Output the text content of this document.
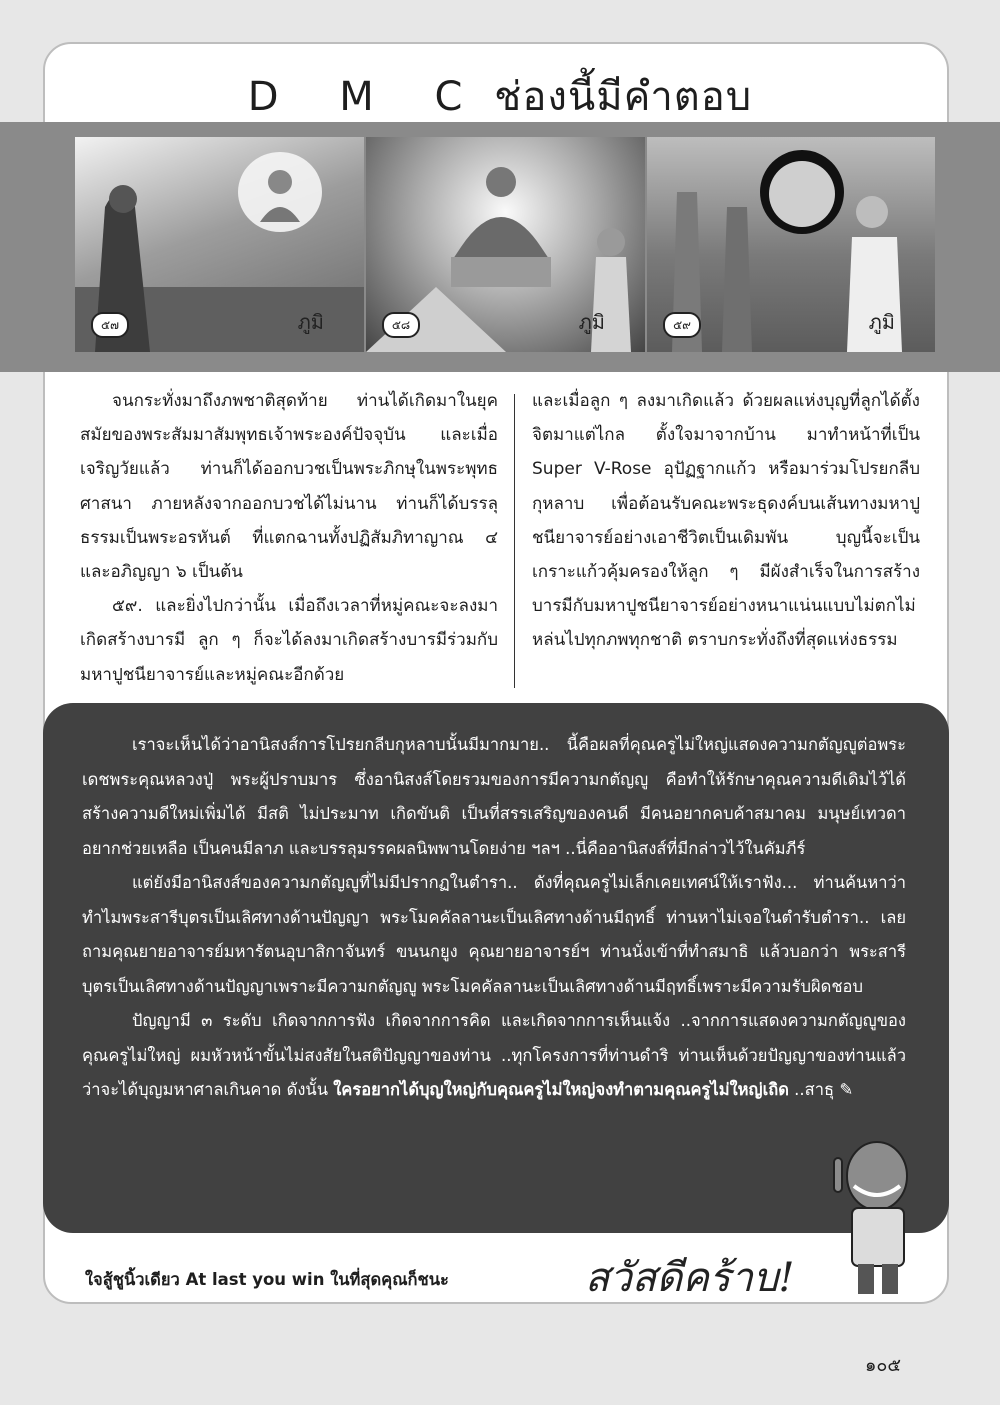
D M C ช่องนี้มีคำตอบ
๕๗	ภูมิ	๕๘	ภูมิ	๕๙	ภูมิ

จนกระทั่งมาถึงภพชาติสุดท้าย ท่านได้เกิดมาในยุคสมัยของพระสัมมาสัมพุทธเจ้าพระองค์ปัจจุบัน และเมื่อเจริญวัยแล้ว ท่านก็ได้ออกบวชเป็นพระภิกษุในพระพุทธศาสนา ภายหลังจากออกบวชได้ไม่นาน ท่านก็ได้บรรลุธรรมเป็นพระอรหันต์ ที่แตกฉานทั้งปฏิสัมภิทาญาณ ๔ และอภิญญา ๖ เป็นต้น

๕๙. และยิ่งไปกว่านั้น เมื่อถึงเวลาที่หมู่คณะจะลงมาเกิดสร้างบารมี ลูก ๆ ก็จะได้ลงมาเกิดสร้างบารมีร่วมกับมหาปูชนียาจารย์และหมู่คณะอีกด้วย

และเมื่อลูก ๆ ลงมาเกิดแล้ว ด้วยผลแห่งบุญที่ลูกได้ตั้งจิตมาแต่ไกล ตั้งใจมาจากบ้าน มาทำหน้าที่เป็น Super V-Rose อุปัฏฐากแก้ว หรือมาร่วมโปรยกลีบกุหลาบ เพื่อต้อนรับคณะพระธุดงค์บนเส้นทางมหาปูชนียาจารย์อย่างเอาชีวิตเป็นเดิมพัน บุญนี้จะเป็นเกราะแก้วคุ้มครองให้ลูก ๆ มีผังสำเร็จในการสร้างบารมีกับมหาปูชนียาจารย์อย่างหนาแน่นแบบไม่ตกไม่หล่นไปทุกภพทุกชาติ ตราบกระทั่งถึงที่สุดแห่งธรรม

เราจะเห็นได้ว่าอานิสงส์การโปรยกลีบกุหลาบนั้นมีมากมาย.. นี้คือผลที่คุณครูไม่ใหญ่แสดงความกตัญญูต่อพระเดชพระคุณหลวงปู่ พระผู้ปราบมาร ซึ่งอานิสงส์โดยรวมของการมีความกตัญญู คือทำให้รักษาคุณความดีเดิมไว้ได้ สร้างความดีใหม่เพิ่มได้ มีสติ ไม่ประมาท เกิดขันติ เป็นที่สรรเสริญของคนดี มีคนอยากคบค้าสมาคม มนุษย์เทวดาอยากช่วยเหลือ เป็นคนมีลาภ และบรรลุมรรคผลนิพพานโดยง่าย ฯลฯ ..นี่คืออานิสงส์ที่มีกล่าวไว้ในคัมภีร์

แต่ยังมีอานิสงส์ของความกตัญญูที่ไม่มีปรากฏในตำรา.. ดังที่คุณครูไม่เล็กเคยเทศน์ให้เราฟัง... ท่านค้นหาว่าทำไมพระสารีบุตรเป็นเลิศทางด้านปัญญา พระโมคคัลลานะเป็นเลิศทางด้านมีฤทธิ์ ท่านหาไม่เจอในตำรับตำรา.. เลยถามคุณยายอาจารย์มหารัตนอุบาสิกาจันทร์ ขนนกยูง คุณยายอาจารย์ฯ ท่านนั่งเข้าที่ทำสมาธิ แล้วบอกว่า พระสารีบุตรเป็นเลิศทางด้านปัญญาเพราะมีความกตัญญู พระโมคคัลลานะเป็นเลิศทางด้านมีฤทธิ์เพราะมีความรับผิดชอบ

ปัญญามี ๓ ระดับ เกิดจากการฟัง เกิดจากการคิด และเกิดจากการเห็นแจ้ง ..จากการแสดงความกตัญญูของคุณครูไม่ใหญ่ ผมหัวหน้าขั้นไม่สงสัยในสติปัญญาของท่าน ..ทุกโครงการที่ท่านดำริ ท่านเห็นด้วยปัญญาของท่านแล้วว่าจะได้บุญมหาศาลเกินคาด ดังนั้น ใครอยากได้บุญใหญ่กับคุณครูไม่ใหญ่จงทำตามคุณครูไม่ใหญ่เถิด ..สาธุ ✎

ใจสู้ชูนิ้วเดียว At last you win ในที่สุดคุณก็ชนะ	สวัสดีคร้าบ!
๑๐๕
